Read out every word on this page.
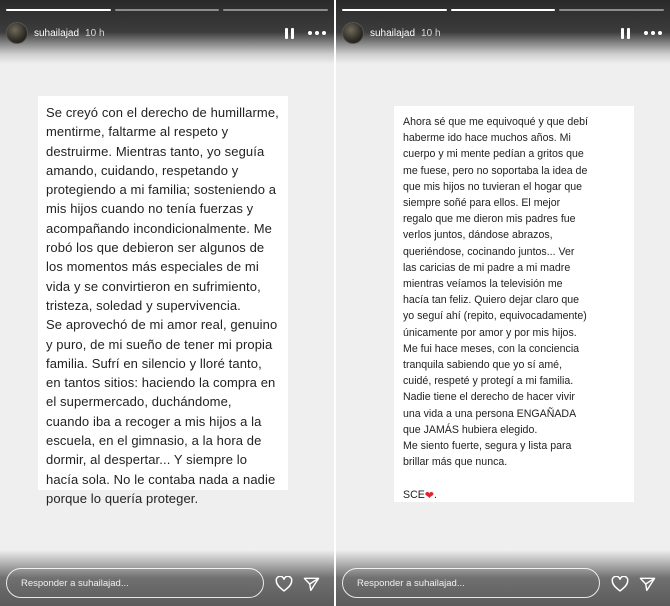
suhailajad 10 h
Se creyó con el derecho de humillarme,
mentirme, faltarme al respeto y
destruirme. Mientras tanto, yo seguía
amando, cuidando, respetando y
protegiendo a mi familia; sosteniendo a
mis hijos cuando no tenía fuerzas y
acompañando incondicionalmente. Me
robó los que debieron ser algunos de
los momentos más especiales de mi
vida y se convirtieron en sufrimiento,
tristeza, soledad y supervivencia.
Se aprovechó de mi amor real, genuino
y puro, de mi sueño de tener mi propia
familia. Sufrí en silencio y lloré tanto,
en tantos sitios: haciendo la compra en
el supermercado, duchándome,
cuando iba a recoger a mis hijos a la
escuela, en el gimnasio, a la hora de
dormir, al despertar... Y siempre lo
hacía sola. No le contaba nada a nadie
porque lo quería proteger.
Responder a suhailajad...
suhailajad 10 h
Ahora sé que me equivoqué y que debí
haberme ido hace muchos años. Mi
cuerpo y mi mente pedían a gritos que
me fuese, pero no soportaba la idea de
que mis hijos no tuvieran el hogar que
siempre soñé para ellos. El mejor
regalo que me dieron mis padres fue
verlos juntos, dándose abrazos,
queriéndose, cocinando juntos... Ver
las caricias de mi padre a mi madre
mientras veíamos la televisión me
hacía tan feliz. Quiero dejar claro que
yo seguí ahí (repito, equivocadamente)
únicamente por amor y por mis hijos.
Me fui hace meses, con la conciencia
tranquila sabiendo que yo sí amé,
cuidé, respeté y protegí a mi familia.
Nadie tiene el derecho de hacer vivir
una vida a una persona ENGAÑADA
que JAMÁS hubiera elegido.
Me siento fuerte, segura y lista para
brillar más que nunca.

SCE❤.
Responder a suhailajad...
